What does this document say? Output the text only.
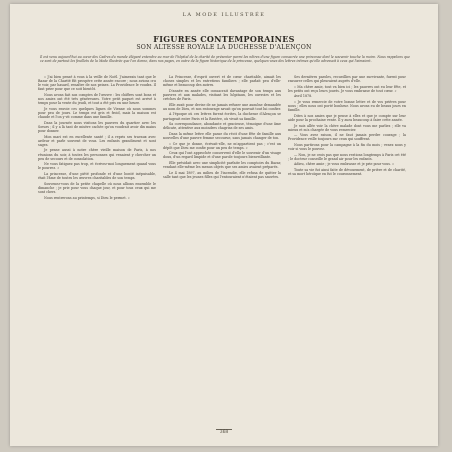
LA MODE ILLUSTRÉE
FIGURES CONTEMPORAINES
SON ALTESSE ROYALE LA DUCHESSE D'ALENÇON
Il est venu aujourd'hui au cœur des Cadres du monde élégant entendre au mur de l'hôpital de la charité de présenter parmi les nôtres d'une figure consacrée une princesse dont le souvenir touche la moire. Nous rappelons que ce sont de partout les feuillets de la Mode illustrée que l'on donne, dans nos pages, en outre de la figure historique de la princesse, quelques-unes des lettres intimes qu'elle adressait à ceux qui l'aimaient.

« J'ai bien pensé à vous à la veille de Noël. J'aimerais tant que le Bazar de la Charité fût prospère cette année encore ; nous avions cru le voir, par hasard, renaître de nos peines. La Providence le voudra. Il faut prier pour que ce soit bientôt.

Nous avons fait nos comptes de l'œuvre : les chiffres sont bons et nos amies ont été très généreuses. Votre petit paquet est arrivé à temps pour la vente du jeudi, et tout a été pris en une heure.

Je vous envoie ces quelques lignes de Vienne où nous sommes pour peu de jours. Le temps est gris et froid, mais la maison est chaude et l'on y vit comme dans une famille.

Dans la journée nous visitons les pauvres du quartier avec les Sœurs ; il y a là tant de misère cachée qu'on voudrait avoir dix mains pour donner.

Mon mari est en excellente santé ; il a repris ses travaux avec ardeur et parle souvent de vous. Les enfants grandissent et sont sages.

Je pense aussi à notre chère vieille maison de Paris, à nos réunions du soir, à toutes les personnes qui venaient y chercher un peu de secours et de consolation.

Ne vous fatiguez pas trop, et écrivez-moi longuement quand vous le pourrez. »

La princesse, d'une piété profonde et d'une bonté inépuisable, était l'âme de toutes les œuvres charitables de son temps.

Souvenez-vous de la petite chapelle où nous allions ensemble le dimanche ; je prie pour vous chaque jour, et pour tous ceux qui me sont chers.

Nous rentrerons au printemps, si Dieu le permet. »

La Princesse, d'esprit ouvert et de cœur charitable, aimait les choses simples et les entretiens familiers ; elle parlait peu d'elle-même et beaucoup des autres.

D'année en année elle consacrait davantage de son temps aux pauvres et aux malades, visitant les hôpitaux, les ouvroirs et les crèches de Paris.

Elle avait pour devise de ne jamais refuser une aumône demandée au nom de Dieu, et son entourage savait qu'on pouvait tout lui confier.

A l'époque où ces lettres furent écrites, la duchesse d'Alençon se partageait entre Paris et la Bavière, où vivait sa famille.

Sa correspondance, abondante et gracieuse, témoigne d'une âme délicate, attentive aux moindres chagrins de ses amis.

Dans la même lettre elle passe du récit d'une fête de famille aux nouvelles d'une pauvre femme secourue, sans jamais changer de ton.

« Ce que je donne, écrivait-elle, ne m'appartient pas ; c'est un dépôt que Dieu me confie pour un peu de temps. »

Ceux qui l'ont approchée conservent d'elle le souvenir d'un visage doux, d'un regard limpide et d'une parole toujours bienveillante.

Elle présidait avec une simplicité parfaite les comptoirs du Bazar, vendant elle-même les menus objets que ses amies avaient préparés.

Le 4 mai 1897, au milieu de l'incendie, elle refusa de quitter la salle tant que les jeunes filles qui l'entouraient n'étaient pas sauvées.

Ses dernières paroles, recueillies par une survivante, furent pour rassurer celles qui pleuraient auprès d'elle.

« Ma chère amie, tout va bien ici ; les pauvres ont eu leur fête, et les petits ont reçu leurs jouets. Je vous embrasse de tout cœur. »

Avril 1878.

« Je vous remercie de votre bonne lettre et de vos prières pour nous ; elles nous ont porté bonheur. Nous avons eu de beaux jours en famille.

Dites à nos amies que je pense à elles et que je compte sur leur aide pour la prochaine vente. Il y aura beaucoup à faire cette année.

Je suis allée voir la chère malade dont vous me parliez ; elle va mieux et m'a chargée de vous remercier.

— Vous avez raison, il ne faut jamais perdre courage ; la Providence veille toujours sur ceux qui souffrent.

Nous partirons pour la campagne à la fin du mois ; venez nous y voir si vous le pouvez.

— Non, je ne crois pas que nous restions longtemps à Paris cet été ; le docteur conseille le grand air pour les enfants.

Adieu, chère amie ; je vous embrasse et je prie pour vous. »

Toute sa vie fut ainsi faite de dévouement, de prière et de charité, et sa mort héroïque en fut le couronnement.

368
